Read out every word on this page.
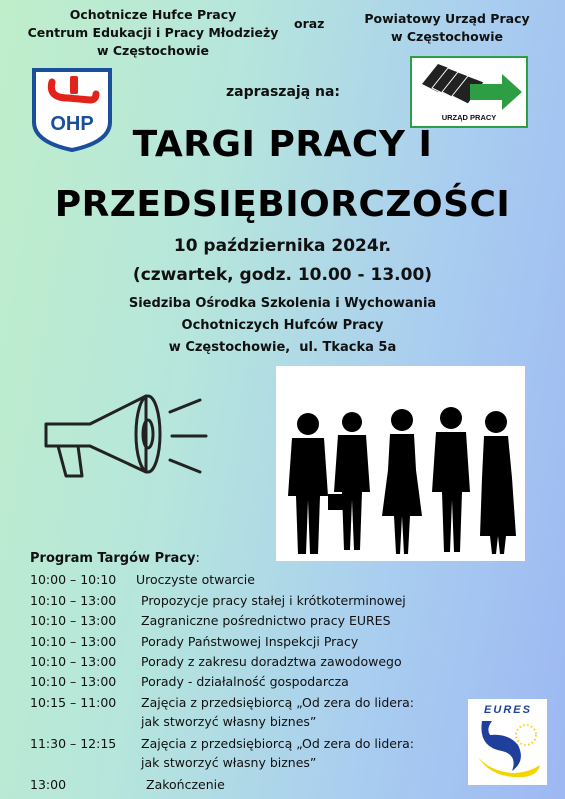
Ochotnicze Hufce Pracy
Centrum Edukacji i Pracy Młodzieży
w Częstochowie
oraz	Powiatowy Urząd Pracy
w Częstochowie
OHP	URZĄD PRACY
zapraszają na:
TARGI PRACY I
PRZEDSIĘBIORCZOŚCI
10 października 2024r.
(czwartek, godz. 10.00 - 13.00)
Siedziba Ośrodka Szkolenia i Wychowania
Ochotniczych Hufców Pracy
w Częstochowie,  ul. Tkacka 5a
Program Targów Pracy:
10:00 – 10:10 Uroczyste otwarcie
10:10 – 13:00 Propozycje pracy stałej i krótkoterminowej
10:10 – 13:00 Zagraniczne pośrednictwo pracy EURES
10:10 – 13:00 Porady Państwowej Inspekcji Pracy
10:10 – 13:00 Porady z zakresu doradztwa zawodowego
10:10 – 13:00 Porady - działalność gospodarcza
10:15 – 11:00 Zajęcia z przedsiębiorcą „Od zera do lidera:
jak stworzyć własny biznes”
11:30 – 12:15 Zajęcia z przedsiębiorcą „Od zera do lidera:
jak stworzyć własny biznes”
13:00	Zakończenie
EURES
